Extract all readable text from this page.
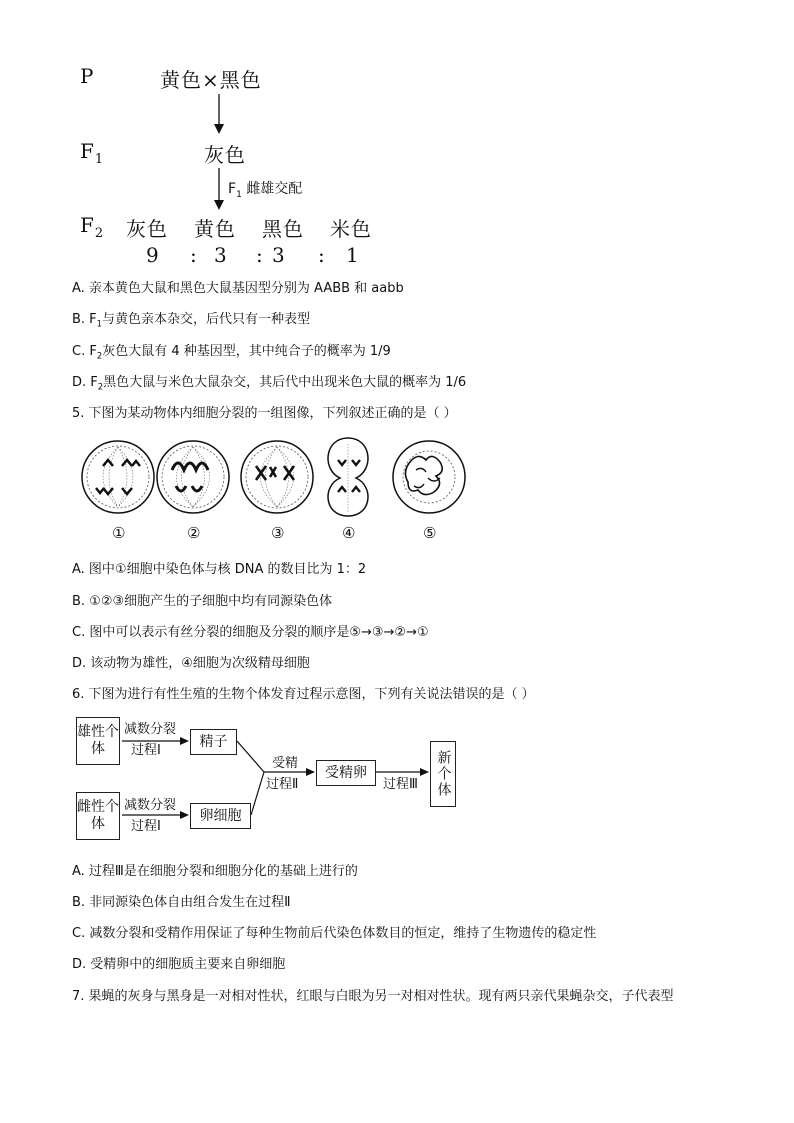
P	黄色×黑色
$F_1$	灰色
$F_1$ 雌雄交配
$F_2$ 灰色 黄色 黑色 米色
9 : 3 : 3 : 1
A. 亲本黄色大鼠和黑色大鼠基因型分别为 AABB 和 aabb
B. $F_1$与黄色亲本杂交，后代只有一种表型
C. $F_2$灰色大鼠有 4 种基因型，其中纯合子的概率为 1/9
D. $F_2$黑色大鼠与米色大鼠杂交，其后代中出现米色大鼠的概率为 1/6
5. 下图为某动物体内细胞分裂的一组图像，下列叙述正确的是（ ）
①	②	③	④	⑤
A. 图中①细胞中染色体与核 DNA 的数目比为 1：2
B. ①②③细胞产生的子细胞中均有同源染色体
C. 图中可以表示有丝分裂的细胞及分裂的顺序是⑤→③→②→①
D. 该动物为雄性，④细胞为次级精母细胞
6. 下图为进行有性生殖的生物个体发育过程示意图，下列有关说法错误的是（ ）
雄性个体
雌性个体
减数分裂
过程Ⅰ
减数分裂
过程Ⅰ
精子
卵细胞
受精
过程Ⅱ
受精卵
过程Ⅲ	新个体
A. 过程Ⅲ是在细胞分裂和细胞分化的基础上进行的
B. 非同源染色体自由组合发生在过程Ⅱ
C. 减数分裂和受精作用保证了每种生物前后代染色体数目的恒定，维持了生物遗传的稳定性
D. 受精卵中的细胞质主要来自卵细胞
7. 果蝇的灰身与黑身是一对相对性状，红眼与白眼为另一对相对性状。现有两只亲代果蝇杂交，子代表型
